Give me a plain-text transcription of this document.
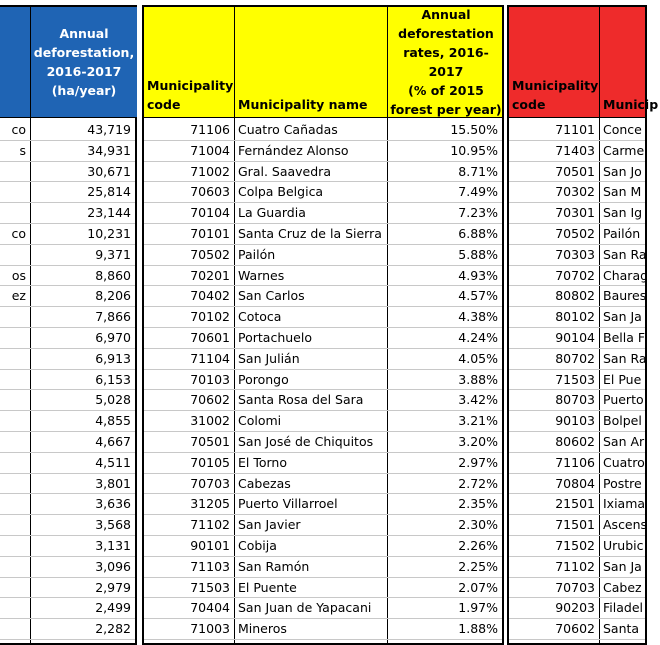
Annual
deforestation,
2016-2017
(ha/year)
co	43,719
s	34,931
30,671
25,814
23,144
co	10,231
9,371
os	8,860
ez	8,206
7,866
6,970
6,913
6,153
5,028
4,855
4,667
4,511
3,801
3,636
3,568
3,131
3,096
2,979
2,499
2,282
Municipality
code	Municipality name
Annual
deforestation
rates, 2016-2017
(% of 2015
forest per year)
71106 Cuatro Cañadas	15.50%
71004 Fernández Alonso	10.95%
71002 Gral. Saavedra	8.71%
70603 Colpa Belgica	7.49%
70104 La Guardia	7.23%
70101 Santa Cruz de la Sierra	6.88%
70502 Pailón	5.88%
70201 Warnes	4.93%
70402 San Carlos	4.57%
70102 Cotoca	4.38%
70601 Portachuelo	4.24%
71104 San Julián	4.05%
70103 Porongo	3.88%
70602 Santa Rosa del Sara	3.42%
31002 Colomi	3.21%
70501 San José de Chiquitos	3.20%
70105 El Torno	2.97%
70703 Cabezas	2.72%
31205 Puerto Villarroel	2.35%
71102 San Javier	2.30%
90101 Cobija	2.26%
71103 San Ramón	2.25%
71503 El Puente	2.07%
70404 San Juan de Yapacani	1.97%
71003 Mineros	1.88%
Municipality
code	Municip
71101 Conce
71403 Carme
70501 San Jo
70302 San M
70301 San Ig
70502 Pailón
70303 San Ra
70702 Charag
80802 Baures
80102 San Ja
90104 Bella F
80702 San Ra
71503 El Pue
80703 Puerto
90103 Bolpel
80602 San Ar
71106 Cuatro
70804 Postre
21501 Ixiama
71501 Ascens
71502 Urubic
71102 San Ja
70703 Cabez
90203 Filadel
70602 Santa
